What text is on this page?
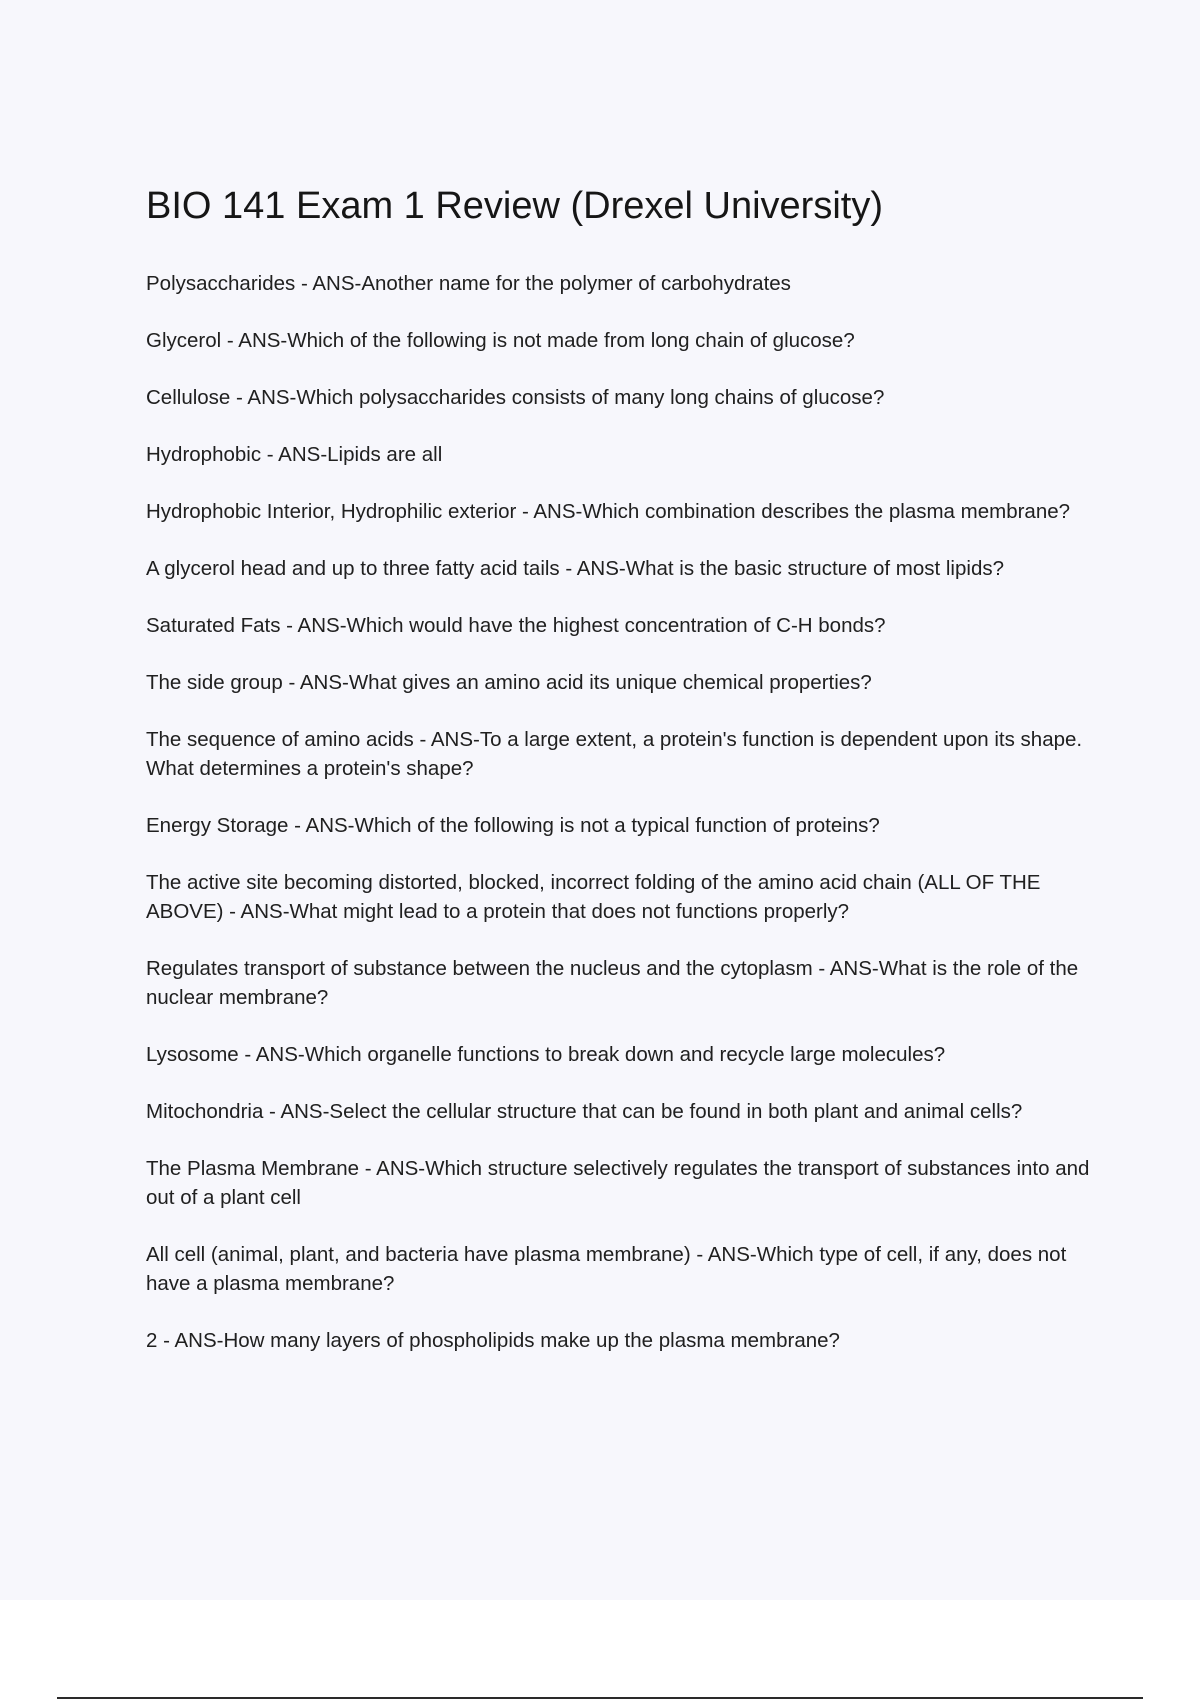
BIO 141 Exam 1 Review (Drexel University)
Polysaccharides - ANS-Another name for the polymer of carbohydrates
Glycerol - ANS-Which of the following is not made from long chain of glucose?
Cellulose - ANS-Which polysaccharides consists of many long chains of glucose?
Hydrophobic - ANS-Lipids are all
Hydrophobic Interior, Hydrophilic exterior - ANS-Which combination describes the plasma membrane?
A glycerol head and up to three fatty acid tails - ANS-What is the basic structure of most lipids?
Saturated Fats - ANS-Which would have the highest concentration of C-H bonds?
The side group - ANS-What gives an amino acid its unique chemical properties?
The sequence of amino acids - ANS-To a large extent, a protein's function is dependent upon its shape. What determines a protein's shape?
Energy Storage - ANS-Which of the following is not a typical function of proteins?
The active site becoming distorted, blocked, incorrect folding of the amino acid chain (ALL OF THE ABOVE) - ANS-What might lead to a protein that does not functions properly?
Regulates transport of substance between the nucleus and the cytoplasm - ANS-What is the role of the nuclear membrane?
Lysosome - ANS-Which organelle functions to break down and recycle large molecules?
Mitochondria - ANS-Select the cellular structure that can be found in both plant and animal cells?
The Plasma Membrane - ANS-Which structure selectively regulates the transport of substances into and out of a plant cell
All cell (animal, plant, and bacteria have plasma membrane) - ANS-Which type of cell, if any, does not have a plasma membrane?
2 - ANS-How many layers of phospholipids make up the plasma membrane?
